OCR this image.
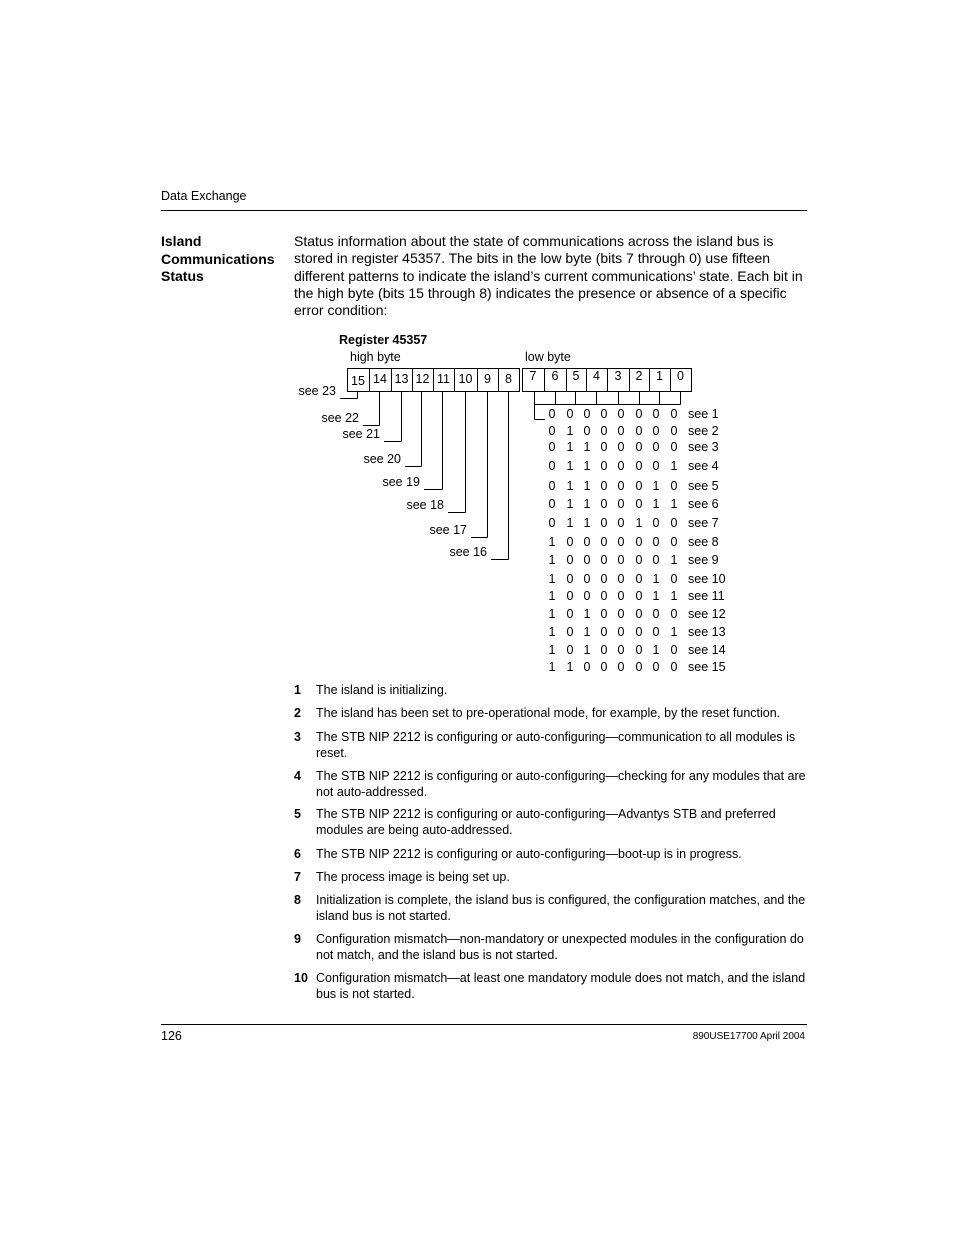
Data Exchange
Island Communications Status
Status information about the state of communications across the island bus is stored in register 45357. The bits in the low byte (bits 7 through 0) use fifteen different patterns to indicate the island’s current communications’ state. Each bit in the high byte (bits 15 through 8) indicates the presence or absence of a specific error condition:
Register 45357
high byte	low byte
15 14 13 12 11 10 9	8	7	6	5	4	3	2	1	0
see 23
see 22
see 21
see 20
see 19
see 18
see 17
see 16
0 0 0 0 0 0 0 0 see 1
0 1 0 0 0 0 0 0 see 2
0 1 1 0 0 0 0 0 see 3
0 1 1 0 0 0 0 1 see 4
0 1 1 0 0 0 1 0 see 5
0 1 1 0 0 0 1 1 see 6
0 1 1 0 0 1 0 0 see 7
1 0 0 0 0 0 0 0 see 8
1 0 0 0 0 0 0 1 see 9
1 0 0 0 0 0 1 0 see 10
1 0 0 0 0 0 1 1 see 11
1 0 1 0 0 0 0 0 see 12
1 0 1 0 0 0 0 1 see 13
1 0 1 0 0 0 1 0 see 14
1 1 0 0 0 0 0 0 see 15
1 The island is initializing.
2 The island has been set to pre-operational mode, for example, by the reset function.
3 The STB NIP 2212 is configuring or auto-configuring—communication to all modules is reset.
4 The STB NIP 2212 is configuring or auto-configuring—checking for any modules that are not auto-addressed.
5 The STB NIP 2212 is configuring or auto-configuring—Advantys STB and preferred modules are being auto-addressed.
6 The STB NIP 2212 is configuring or auto-configuring—boot-up is in progress.
7 The process image is being set up.
8 Initialization is complete, the island bus is configured, the configuration matches, and the island bus is not started.
9 Configuration mismatch—non-mandatory or unexpected modules in the configuration do not match, and the island bus is not started.
10 Configuration mismatch—at least one mandatory module does not match, and the island bus is not started.
126	890USE17700 April 2004
